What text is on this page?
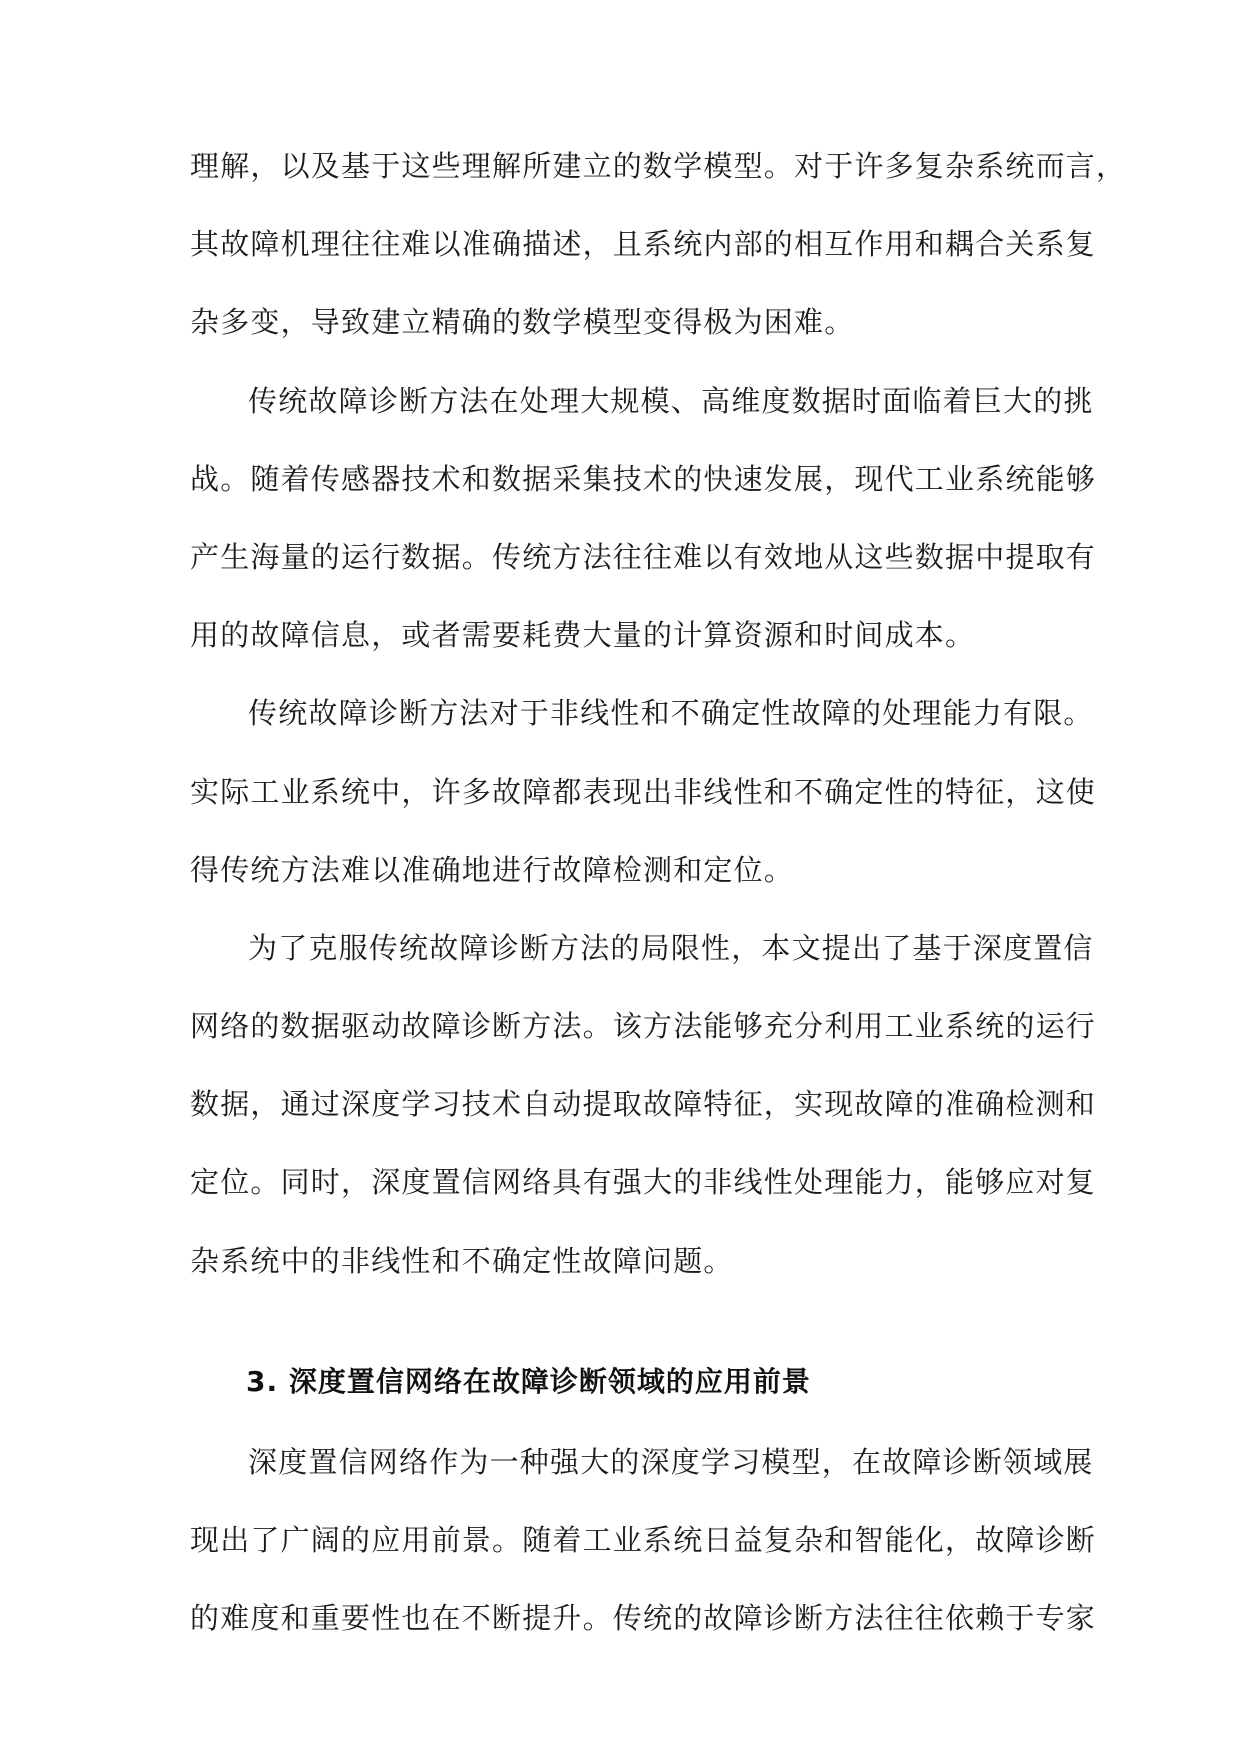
理解，以及基于这些理解所建立的数学模型。对于许多复杂系统而言，

其故障机理往往难以准确描述，且系统内部的相互作用和耦合关系复

杂多变，导致建立精确的数学模型变得极为困难。

传统故障诊断方法在处理大规模、高维度数据时面临着巨大的挑

战。随着传感器技术和数据采集技术的快速发展，现代工业系统能够

产生海量的运行数据。传统方法往往难以有效地从这些数据中提取有

用的故障信息，或者需要耗费大量的计算资源和时间成本。

传统故障诊断方法对于非线性和不确定性故障的处理能力有限。

实际工业系统中，许多故障都表现出非线性和不确定性的特征，这使

得传统方法难以准确地进行故障检测和定位。

为了克服传统故障诊断方法的局限性，本文提出了基于深度置信

网络的数据驱动故障诊断方法。该方法能够充分利用工业系统的运行

数据，通过深度学习技术自动提取故障特征，实现故障的准确检测和

定位。同时，深度置信网络具有强大的非线性处理能力，能够应对复

杂系统中的非线性和不确定性故障问题。

3. 深度置信网络在故障诊断领域的应用前景

深度置信网络作为一种强大的深度学习模型，在故障诊断领域展

现出了广阔的应用前景。随着工业系统日益复杂和智能化，故障诊断

的难度和重要性也在不断提升。传统的故障诊断方法往往依赖于专家
